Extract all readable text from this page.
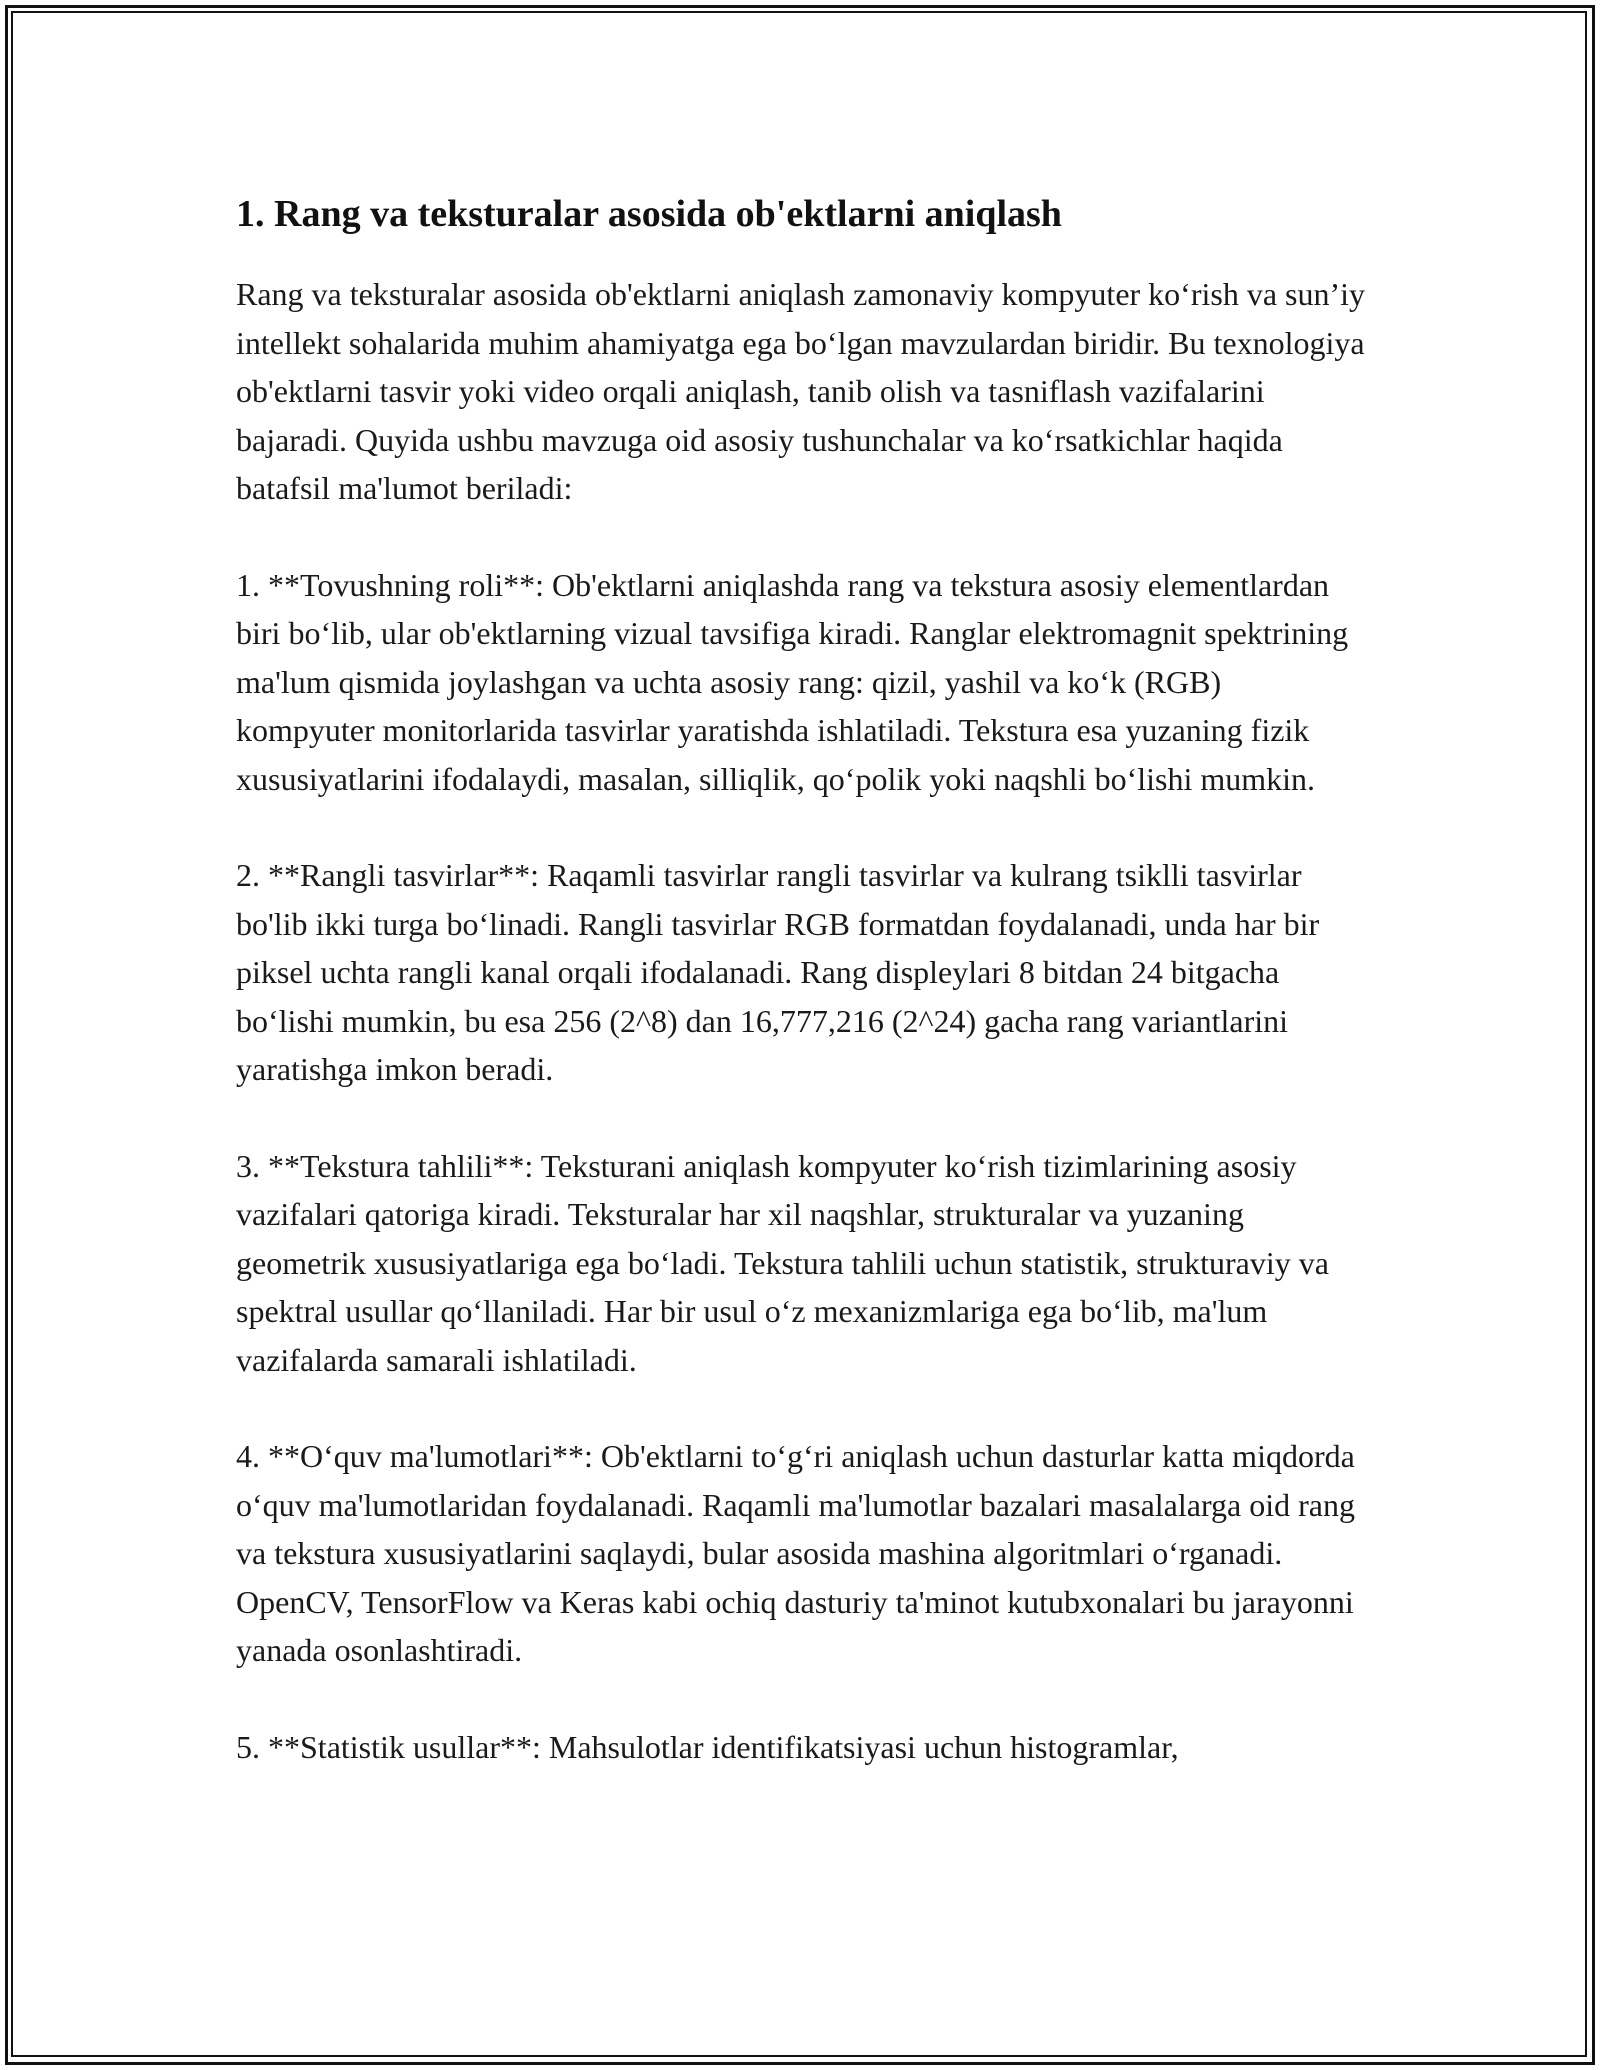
1. Rang va teksturalar asosida ob'ektlarni aniqlash

Rang va teksturalar asosida ob'ektlarni aniqlash zamonaviy kompyuter koʻrish va sun’iy intellekt sohalarida muhim ahamiyatga ega boʻlgan mavzulardan biridir. Bu texnologiya ob'ektlarni tasvir yoki video orqali aniqlash, tanib olish va tasniflash vazifalarini bajaradi. Quyida ushbu mavzuga oid asosiy tushunchalar va koʻrsatkichlar haqida batafsil ma'lumot beriladi:

1. **Tovushning roli**: Ob'ektlarni aniqlashda rang va tekstura asosiy elementlardan biri boʻlib, ular ob'ektlarning vizual tavsifiga kiradi. Ranglar elektromagnit spektrining ma'lum qismida joylashgan va uchta asosiy rang: qizil, yashil va koʻk (RGB) kompyuter monitorlarida tasvirlar yaratishda ishlatiladi. Tekstura esa yuzaning fizik xususiyatlarini ifodalaydi, masalan, silliqlik, qoʻpolik yoki naqshli boʻlishi mumkin.

2. **Rangli tasvirlar**: Raqamli tasvirlar rangli tasvirlar va kulrang tsiklli tasvirlar bo'lib ikki turga boʻlinadi. Rangli tasvirlar RGB formatdan foydalanadi, unda har bir piksel uchta rangli kanal orqali ifodalanadi. Rang displeylari 8 bitdan 24 bitgacha boʻlishi mumkin, bu esa 256 (2^8) dan 16,777,216 (2^24) gacha rang variantlarini yaratishga imkon beradi.

3. **Tekstura tahlili**: Teksturani aniqlash kompyuter koʻrish tizimlarining asosiy vazifalari qatoriga kiradi. Teksturalar har xil naqshlar, strukturalar va yuzaning geometrik xususiyatlariga ega boʻladi. Tekstura tahlili uchun statistik, strukturaviy va spektral usullar qoʻllaniladi. Har bir usul oʻz mexanizmlariga ega boʻlib, ma'lum vazifalarda samarali ishlatiladi.

4. **Oʻquv ma'lumotlari**: Ob'ektlarni toʻgʻri aniqlash uchun dasturlar katta miqdorda oʻquv ma'lumotlaridan foydalanadi. Raqamli ma'lumotlar bazalari masalalarga oid rang va tekstura xususiyatlarini saqlaydi, bular asosida mashina algoritmlari oʻrganadi. OpenCV, TensorFlow va Keras kabi ochiq dasturiy ta'minot kutubxonalari bu jarayonni yanada osonlashtiradi.

5. **Statistik usullar**: Mahsulotlar identifikatsiyasi uchun histogramlar,
